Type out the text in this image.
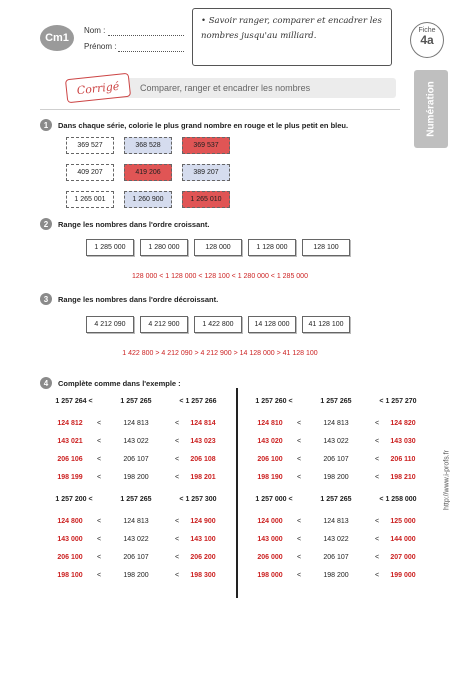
Cm1
Nom :
Prénom :
• Savoir ranger, comparer et encadrer les nombres jusqu'au milliard.
Fiche
4a
Numération
Comparer, ranger et encadrer les nombres
Corrigé
1	Dans chaque série, colorie le plus grand nombre en rouge et le plus petit en bleu.
369 527	368 528	369 537
409 207	419 206	389 207
1 265 001	1 260 900	1 265 010
2	Range les nombres dans l'ordre croissant.
1 285 000	1 280 000	128 000	1 128 000	128 100
128 000 < 1 128 000 < 128 100 < 1 280 000 < 1 285 000
3	Range les nombres dans l'ordre décroissant.
4 212 090	4 212 900	1 422 800	14 128 000	41 128 100
1 422 800 > 4 212 090 > 4 212 900 > 14 128 000 > 41 128 100
4	Complète comme dans l'exemple :
1 257 264 <	1 257 265	< 1 257 266
124 812	<	124 813	<	124 814
143 021	<	143 022	<	143 023
206 106	<	206 107	<	206 108
198 199	<	198 200	<	198 201
1 257 260 <	1 257 265	< 1 257 270
124 810	<	124 813	<	124 820
143 020	<	143 022	<	143 030
206 100	<	206 107	<	206 110
198 190	<	198 200	<	198 210
1 257 200 <	1 257 265	< 1 257 300
124 800	<	124 813	<	124 900
143 000	<	143 022	<	143 100
206 100	<	206 107	<	206 200
198 100	<	198 200	<	198 300
1 257 000 <	1 257 265	< 1 258 000
124 000	<	124 813	<	125 000
143 000	<	143 022	<	144 000
206 000	<	206 107	<	207 000
198 000	<	198 200	<	199 000
http://www.i-profs.fr
